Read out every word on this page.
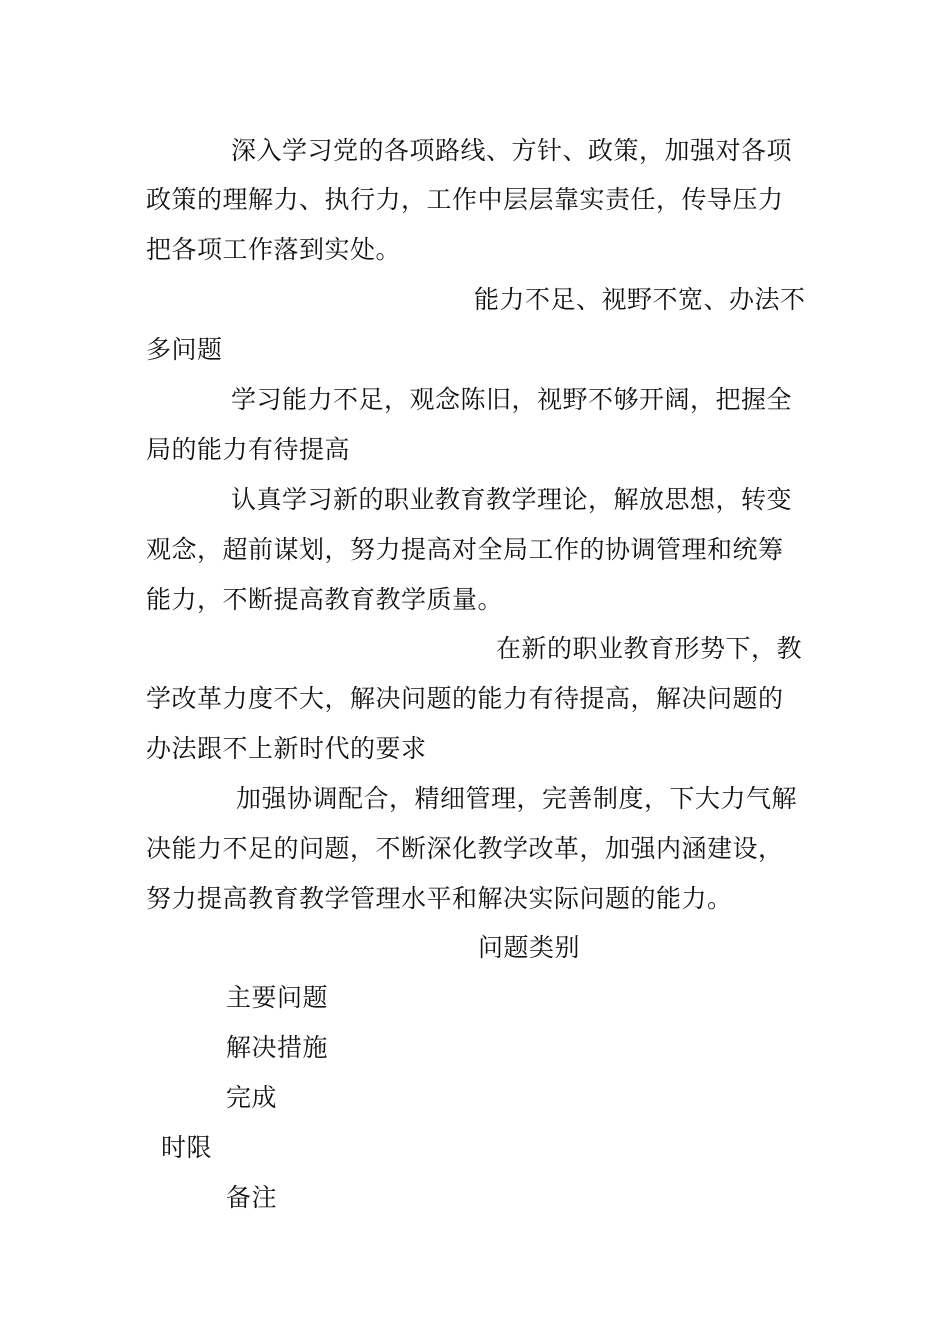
深入学习党的各项路线、方针、政策，加强对各项
政策的理解力、执行力，工作中层层靠实责任，传导压力
把各项工作落到实处。
能力不足、视野不宽、办法不
多问题
学习能力不足，观念陈旧，视野不够开阔，把握全
局的能力有待提高
认真学习新的职业教育教学理论，解放思想，转变
观念，超前谋划，努力提高对全局工作的协调管理和统筹
能力，不断提高教育教学质量。
在新的职业教育形势下，教
学改革力度不大，解决问题的能力有待提高，解决问题的
办法跟不上新时代的要求
加强协调配合，精细管理，完善制度，下大力气解
决能力不足的问题，不断深化教学改革，加强内涵建设，
努力提高教育教学管理水平和解决实际问题的能力。
问题类别
主要问题
解决措施
完成
时限
备注
